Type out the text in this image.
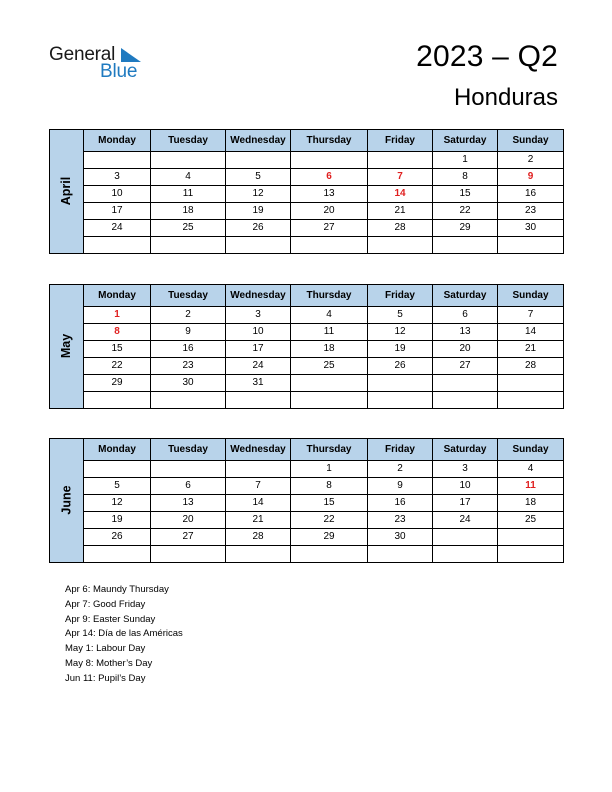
General
Blue	2023 – Q2
Honduras
April	Monday	Tuesday	Wednesday	Thursday	Friday	Saturday	Sunday
						1	2
	3	4	5	6	7	8	9
	10	11	12	13	14	15	16
	17	18	19	20	21	22	23
	24	25	26	27	28	29	30

May	Monday	Tuesday	Wednesday	Thursday	Friday	Saturday	Sunday
	1	2	3	4	5	6	7
	8	9	10	11	12	13	14
	15	16	17	18	19	20	21
	22	23	24	25	26	27	28
	29	30	31				

June	Monday	Tuesday	Wednesday	Thursday	Friday	Saturday	Sunday
				1	2	3	4
	5	6	7	8	9	10	11
	12	13	14	15	16	17	18
	19	20	21	22	23	24	25
	26	27	28	29	30		

Apr 6: Maundy Thursday
Apr 7: Good Friday
Apr 9: Easter Sunday
Apr 14: Día de las Américas
May 1: Labour Day
May 8: Mother’s Day
Jun 11: Pupil’s Day
